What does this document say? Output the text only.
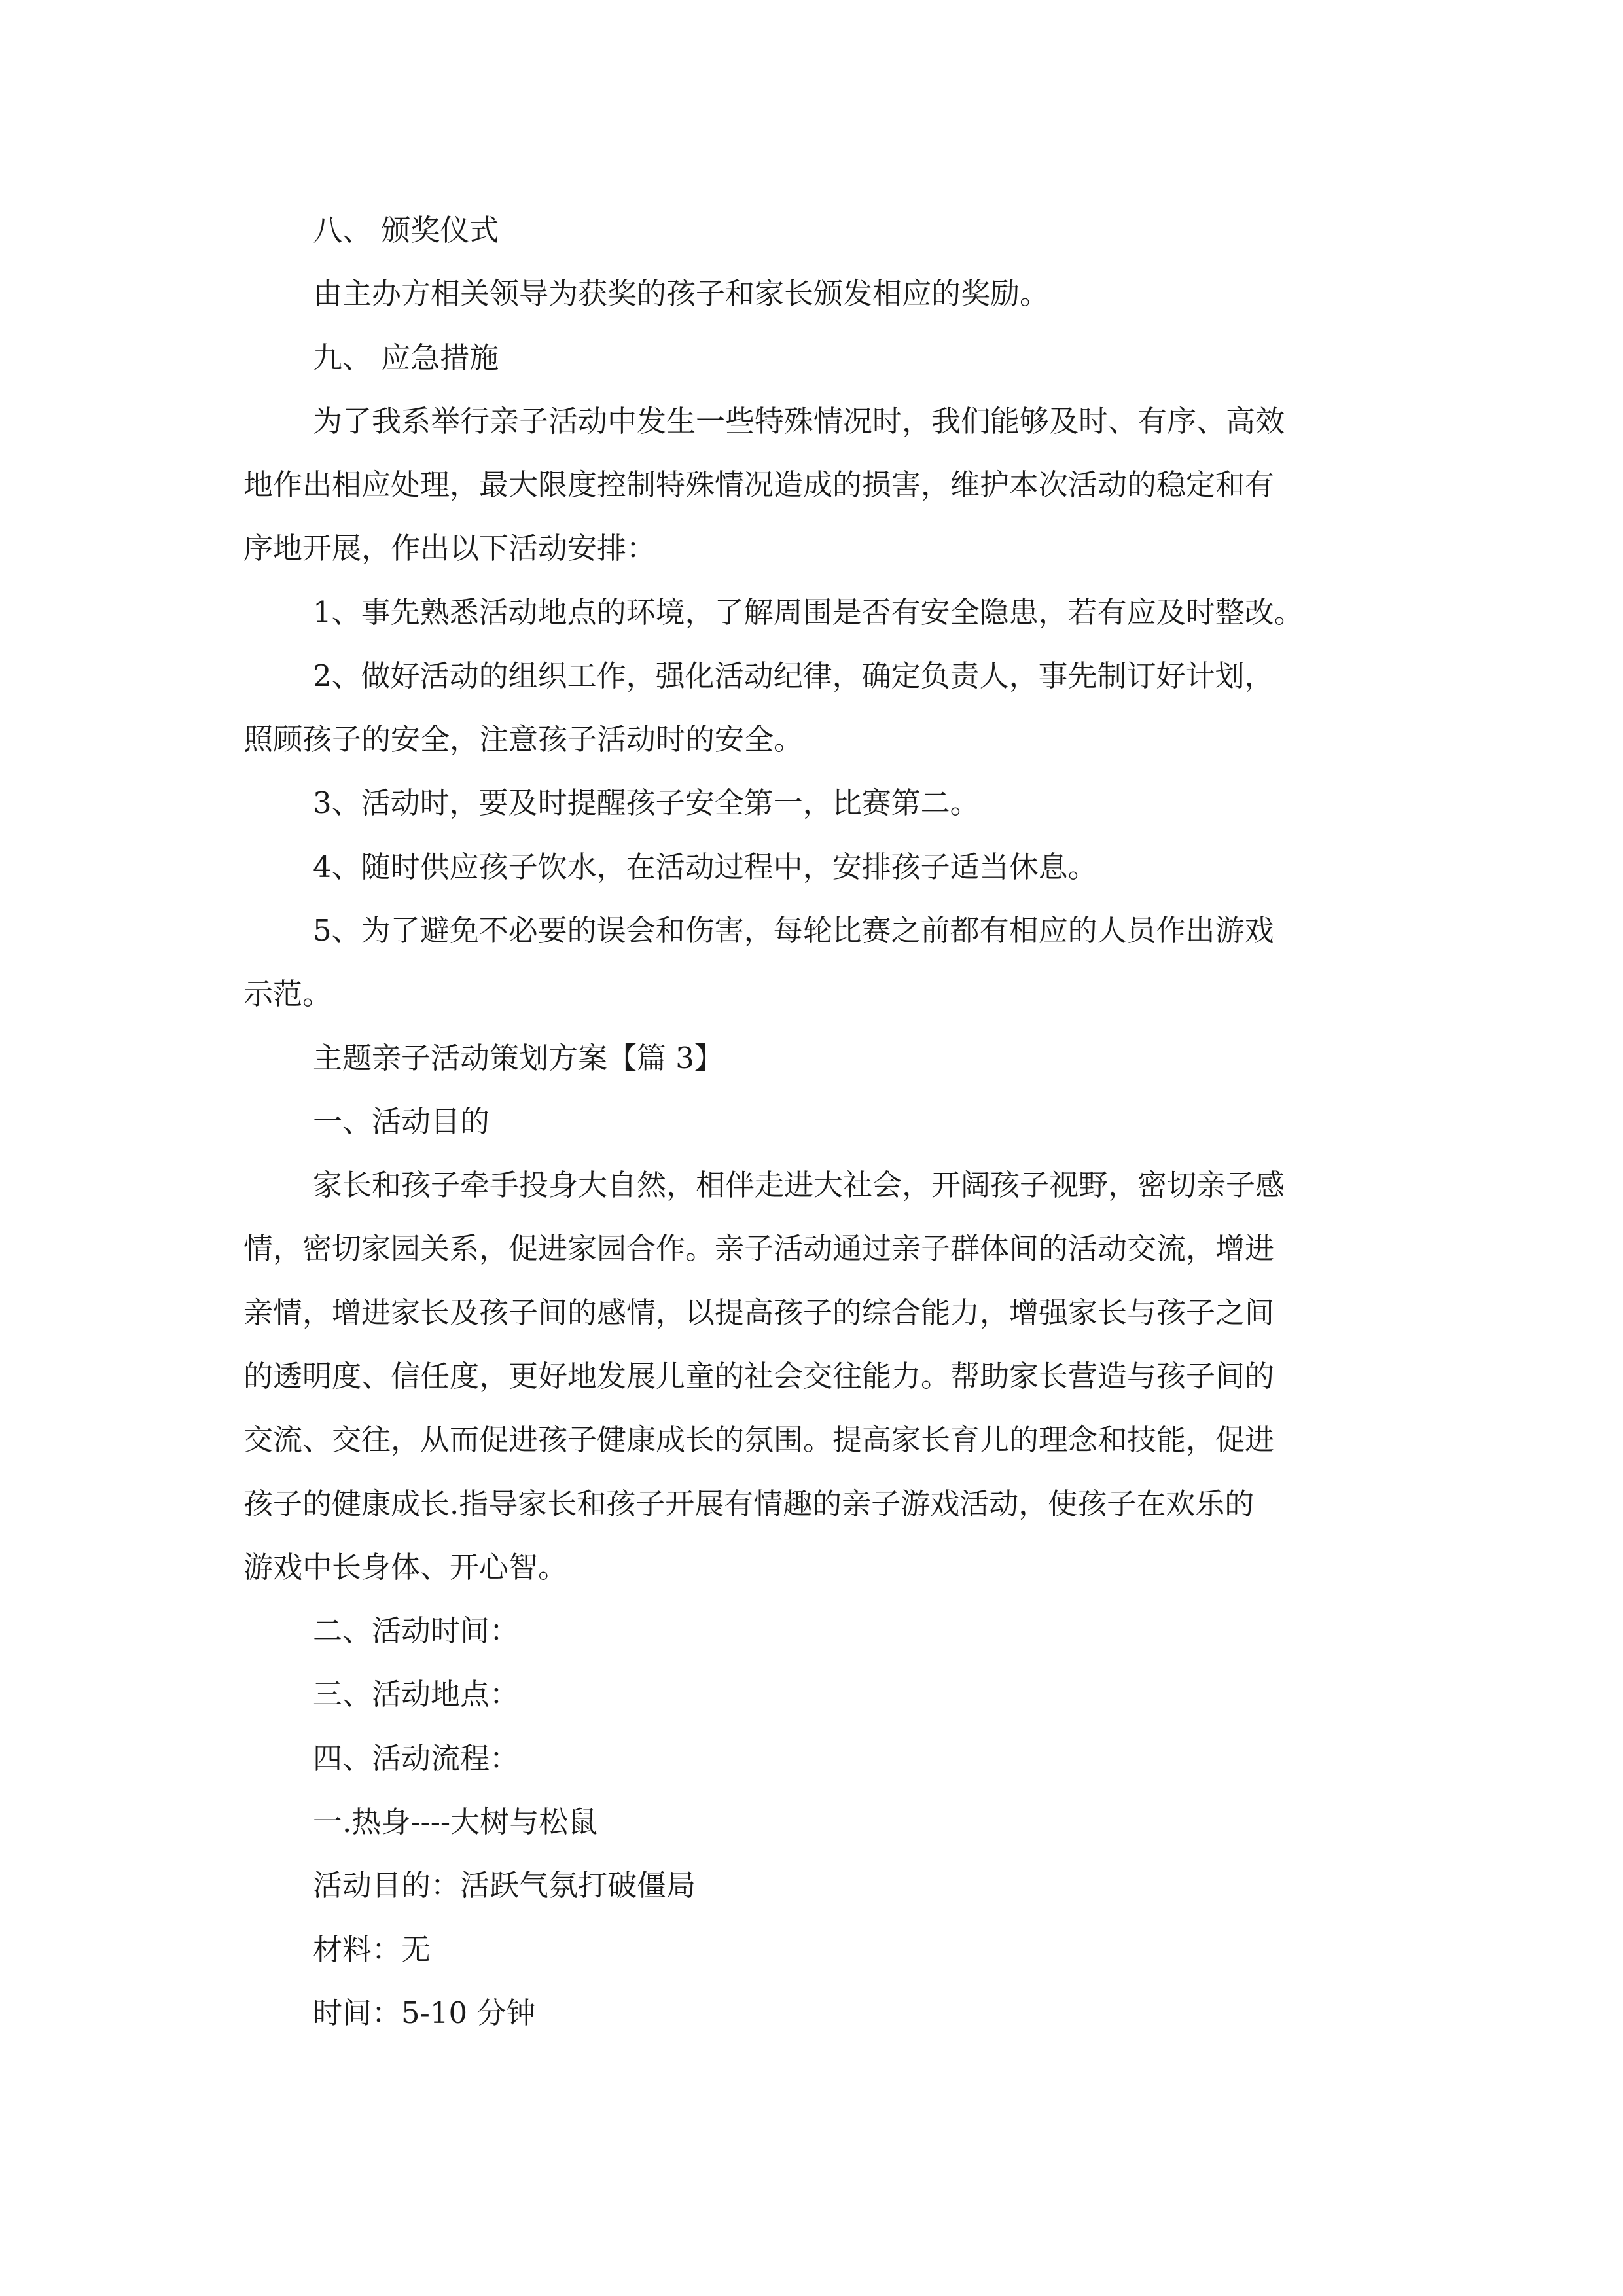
八、 颁奖仪式

由主办方相关领导为获奖的孩子和家长颁发相应的奖励。

九、 应急措施

为了我系举行亲子活动中发生一些特殊情况时，我们能够及时、有序、高效

地作出相应处理，最大限度控制特殊情况造成的损害，维护本次活动的稳定和有

序地开展，作出以下活动安排：

1、事先熟悉活动地点的环境，了解周围是否有安全隐患，若有应及时整改。

2、做好活动的组织工作，强化活动纪律，确定负责人，事先制订好计划，

照顾孩子的安全，注意孩子活动时的安全。

3、活动时，要及时提醒孩子安全第一，比赛第二。

4、随时供应孩子饮水，在活动过程中，安排孩子适当休息。

5、为了避免不必要的误会和伤害，每轮比赛之前都有相应的人员作出游戏

示范。

主题亲子活动策划方案【篇 3】

一、活动目的

家长和孩子牵手投身大自然，相伴走进大社会，开阔孩子视野，密切亲子感

情，密切家园关系，促进家园合作。亲子活动通过亲子群体间的活动交流，增进

亲情，增进家长及孩子间的感情，以提高孩子的综合能力，增强家长与孩子之间

的透明度、信任度，更好地发展儿童的社会交往能力。帮助家长营造与孩子间的

交流、交往，从而促进孩子健康成长的氛围。提高家长育儿的理念和技能，促进

孩子的健康成长.指导家长和孩子开展有情趣的亲子游戏活动，使孩子在欢乐的

游戏中长身体、开心智。

二、活动时间：

三、活动地点：

四、活动流程：

一.热身----大树与松鼠

活动目的：活跃气氛打破僵局

材料：无

时间：5-10 分钟
